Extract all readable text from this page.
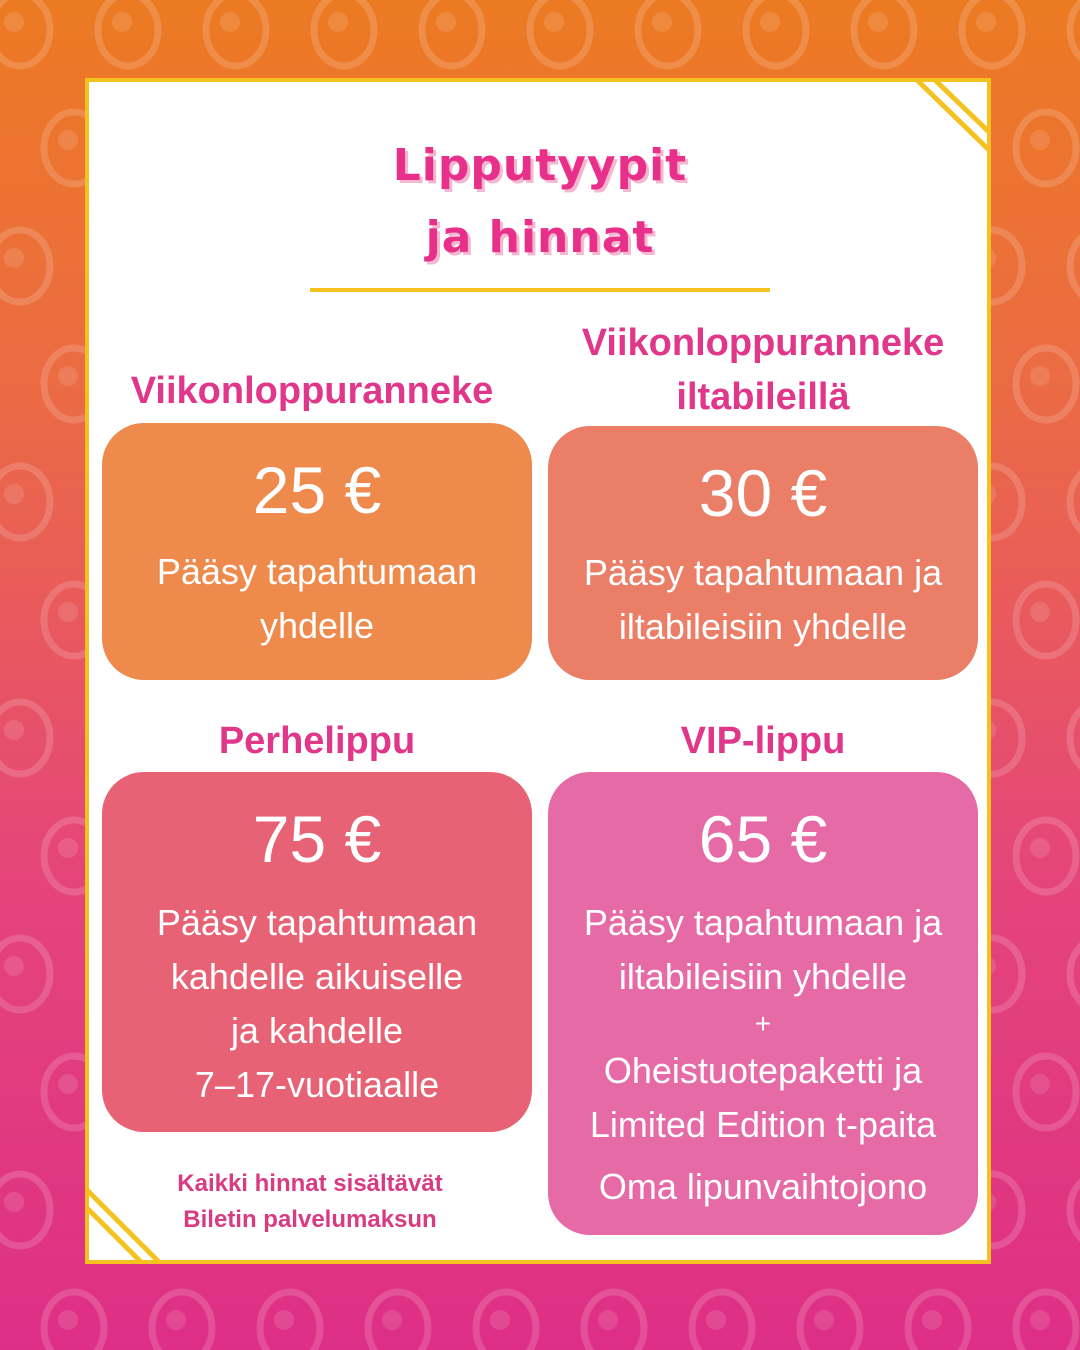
Lipputyypit
ja hinnat
Viikonloppuranneke
25 €
Pääsy tapahtumaan
yhdelle
Viikonloppuranneke
iltabileillä
30 €
Pääsy tapahtumaan ja
iltabileisiin yhdelle
Perhelippu
75 €
Pääsy tapahtumaan
kahdelle aikuiselle
ja kahdelle
7–17-vuotiaalle
VIP-lippu
65 €
Pääsy tapahtumaan ja
iltabileisiin yhdelle
+
Oheistuotepaketti ja
Limited Edition t-paita
Oma lipunvaihtojono
Kaikki hinnat sisältävät
Biletin palvelumaksun
